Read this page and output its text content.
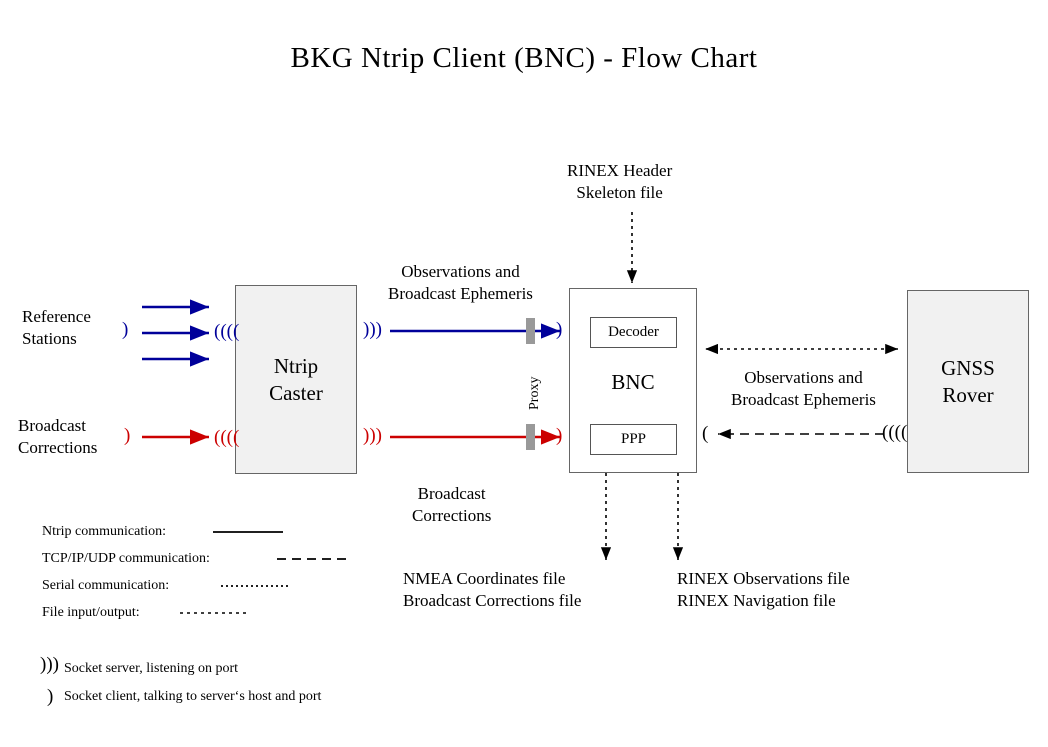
BKG Ntrip Client (BNC) - Flow Chart
Ntrip
Caster	BNC
Decoder
PPP
GNSS
Rover
Proxy
Reference
Stations
Broadcast
Corrections
Observations and
Broadcast Ephemeris
Broadcast
Corrections
RINEX Header
Skeleton file
Observations and
Broadcast Ephemeris
NMEA Coordinates file
Broadcast Corrections file
RINEX Observations file
RINEX Navigation file
)	((((	)))	)
)	((((	)))	)	(	((((
Ntrip communication:
TCP/IP/UDP communication:
Serial communication:
File input/output:
))) Socket server, listening on port
) Socket client, talking to server‘s host and port
